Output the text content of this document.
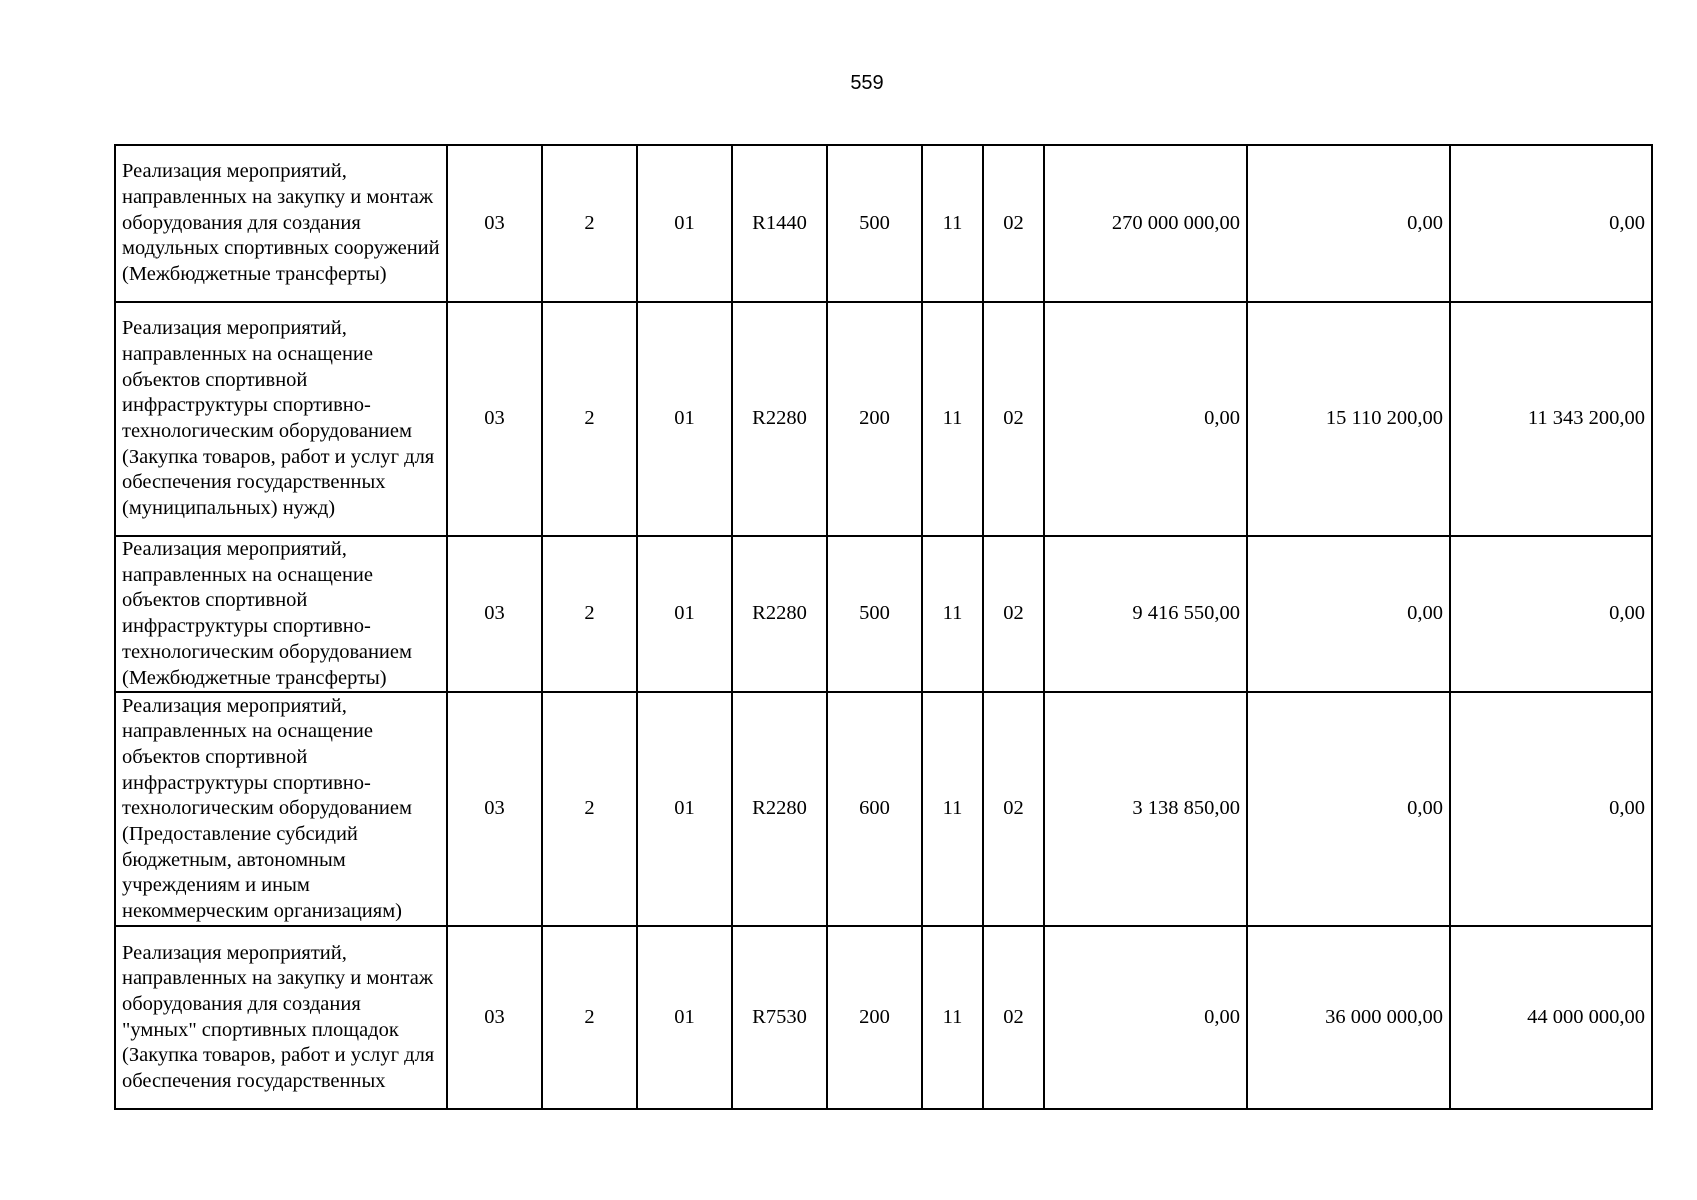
559
Реализация мероприятий, направленных на закупку и монтаж оборудования для создания модульных спортивных сооружений (Межбюджетные трансферты)	03	2	01	R1440	500	11	02	270 000 000,00	0,00	0,00
Реализация мероприятий, направленных на оснащение объектов спортивной инфраструктуры спортивно-технологическим оборудованием (Закупка товаров, работ и услуг для обеспечения государственных (муниципальных) нужд)	03	2	01	R2280	200	11	02	0,00	15 110 200,00	11 343 200,00
Реализация мероприятий, направленных на оснащение объектов спортивной инфраструктуры спортивно-технологическим оборудованием (Межбюджетные трансферты)	03	2	01	R2280	500	11	02	9 416 550,00	0,00	0,00
Реализация мероприятий, направленных на оснащение объектов спортивной инфраструктуры спортивно-технологическим оборудованием (Предоставление субсидий бюджетным, автономным учреждениям и иным некоммерческим организациям)	03	2	01	R2280	600	11	02	3 138 850,00	0,00	0,00
Реализация мероприятий, направленных на закупку и монтаж оборудования для создания "умных" спортивных площадок (Закупка товаров, работ и услуг для обеспечения государственных	03	2	01	R7530	200	11	02	0,00	36 000 000,00	44 000 000,00
